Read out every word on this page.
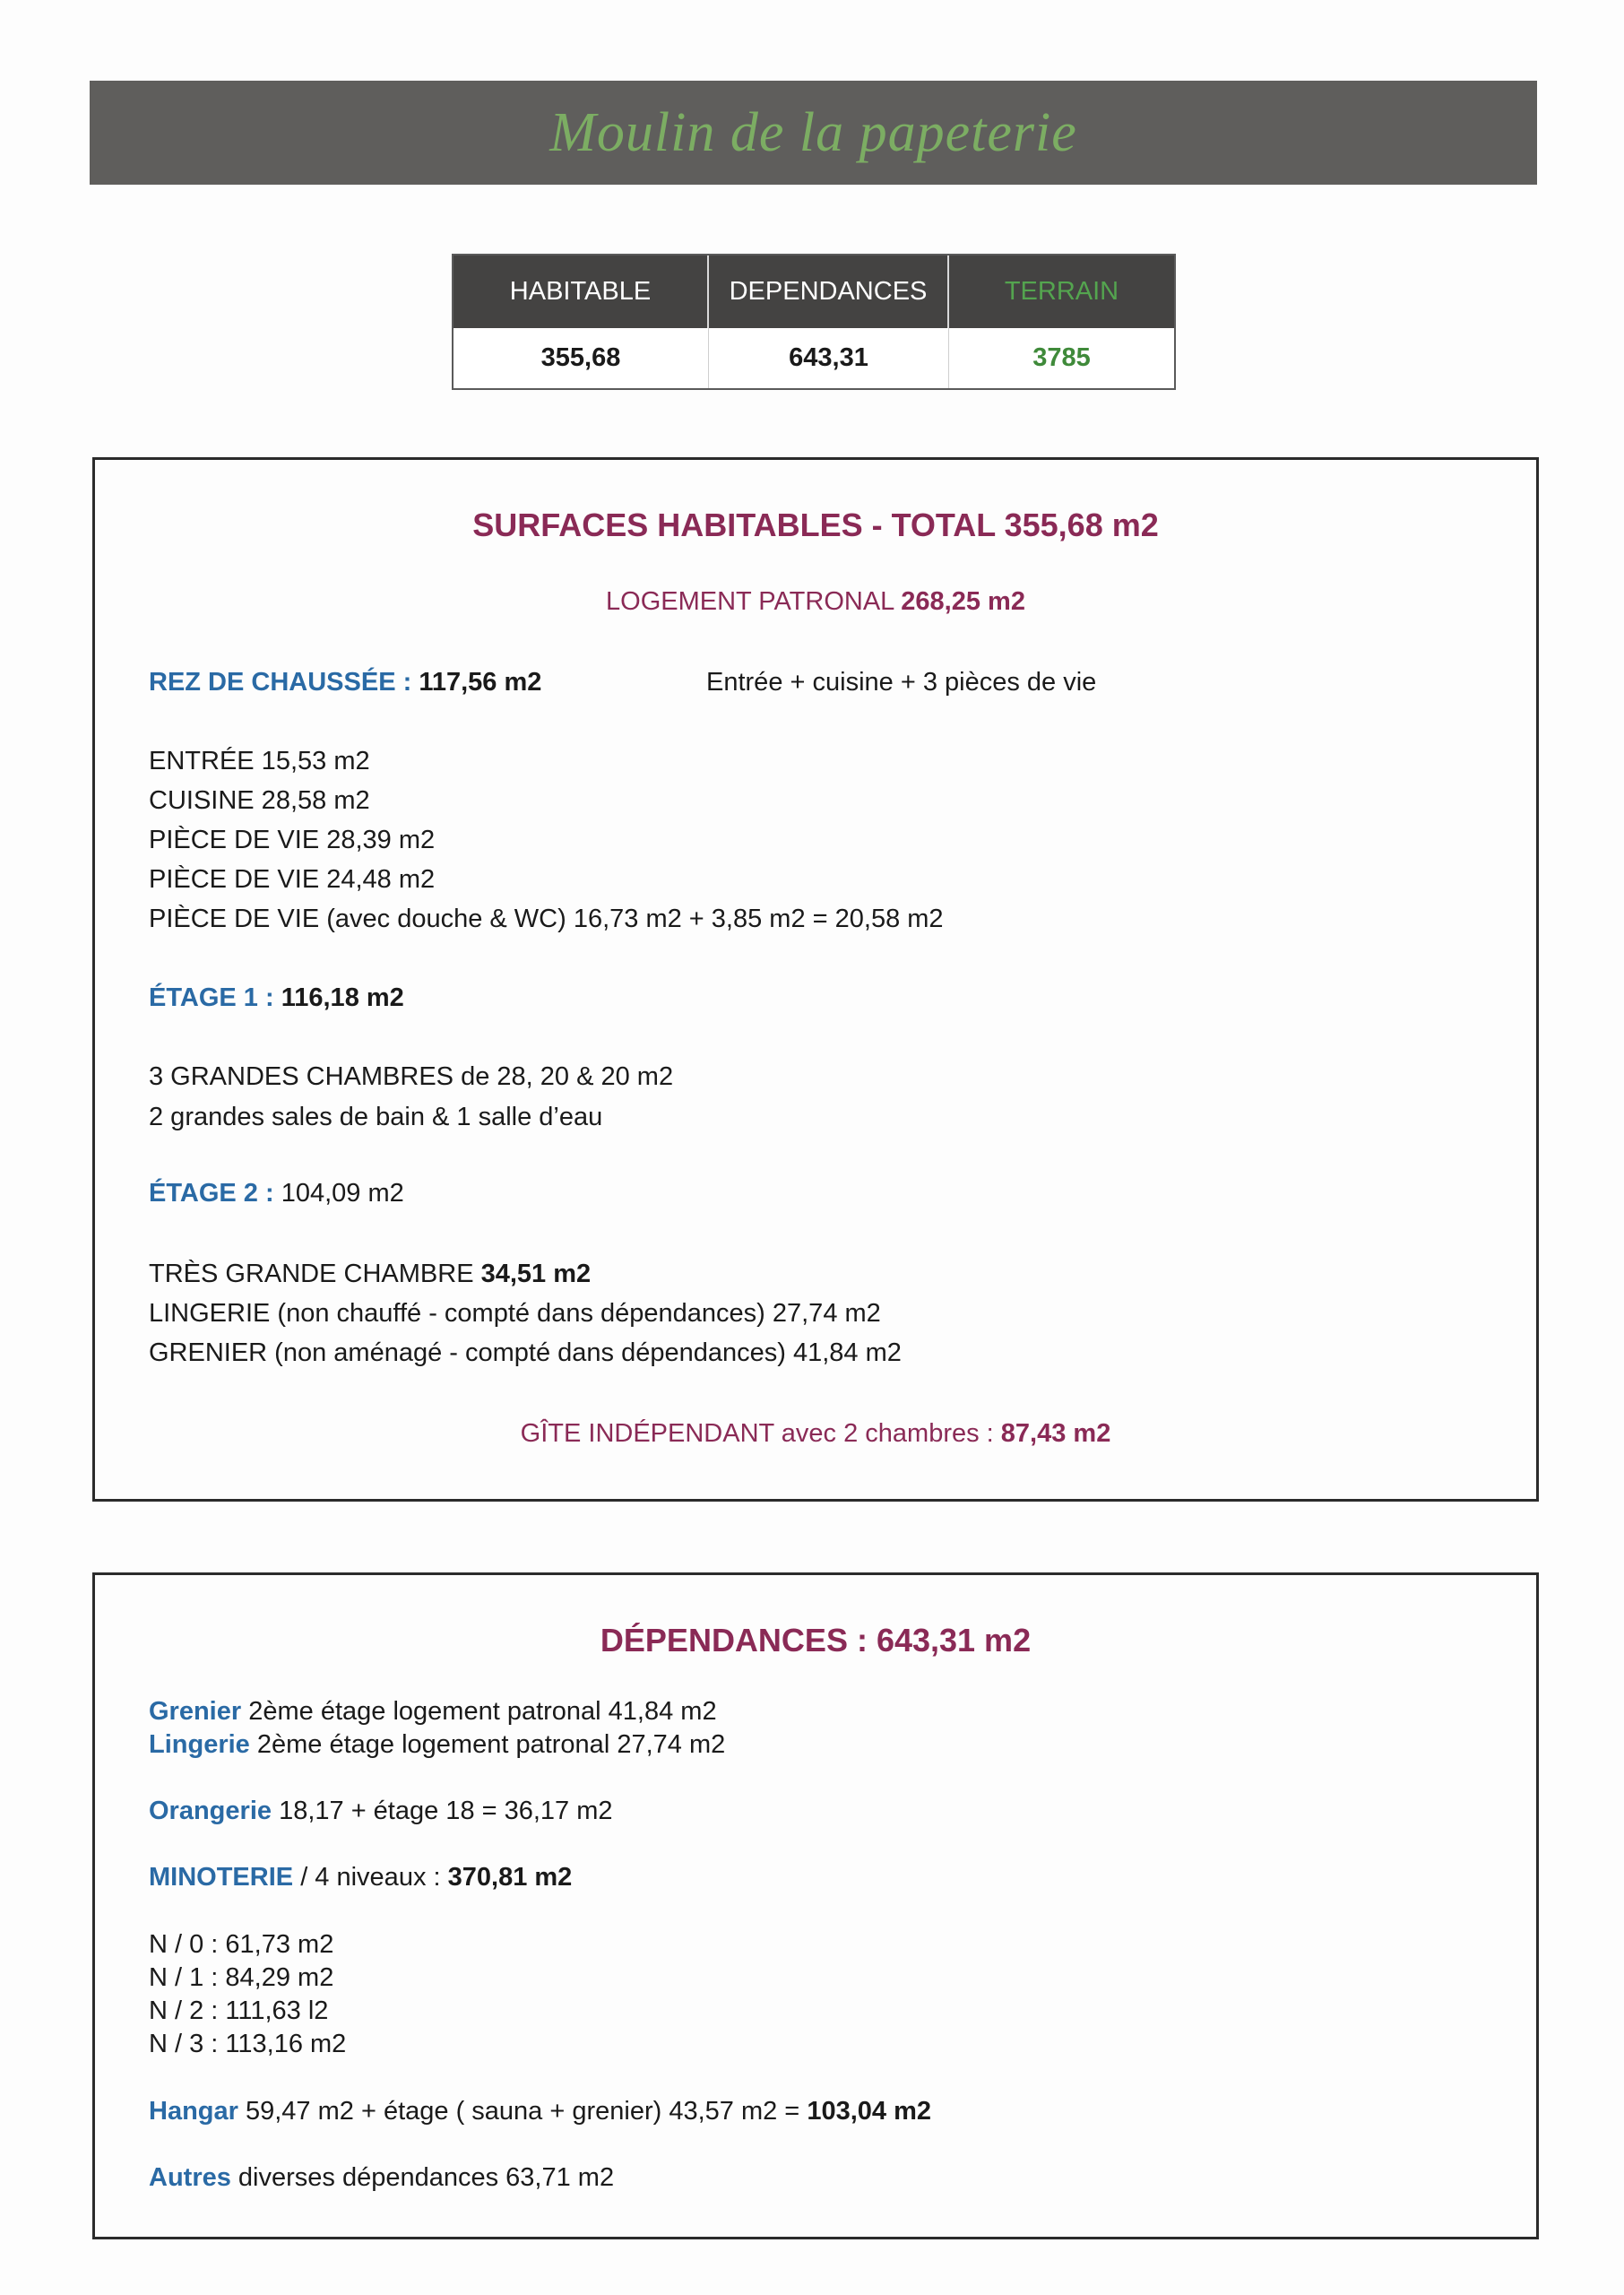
Moulin de la papeterie
HABITABLE	DEPENDANCES	TERRAIN
355,68	643,31	3785
SURFACES HABITABLES - TOTAL 355,68 m2
LOGEMENT PATRONAL 268,25 m2
REZ DE CHAUSSÉE : 117,56 m2	Entrée + cuisine + 3 pièces de vie
ENTRÉE 15,53 m2
CUISINE 28,58 m2
PIÈCE DE VIE 28,39 m2
PIÈCE DE VIE 24,48 m2
PIÈCE DE VIE (avec douche & WC) 16,73 m2 + 3,85 m2 = 20,58 m2
ÉTAGE 1 : 116,18 m2
3 GRANDES CHAMBRES de 28, 20 & 20 m2
2 grandes sales de bain & 1 salle d’eau
ÉTAGE 2 : 104,09 m2
TRÈS GRANDE CHAMBRE 34,51 m2
LINGERIE (non chauffé - compté dans dépendances) 27,74 m2
GRENIER (non aménagé - compté dans dépendances) 41,84 m2
GÎTE INDÉPENDANT avec 2 chambres : 87,43 m2
DÉPENDANCES : 643,31 m2
Grenier 2ème étage logement patronal 41,84 m2
Lingerie 2ème étage logement patronal 27,74 m2
Orangerie 18,17 + étage 18 = 36,17 m2
MINOTERIE / 4 niveaux : 370,81 m2
N / 0 : 61,73 m2
N / 1 : 84,29 m2
N / 2 : 111,63 l2
N / 3 : 113,16 m2
Hangar 59,47 m2 + étage ( sauna + grenier) 43,57 m2 = 103,04 m2
Autres diverses dépendances 63,71 m2
